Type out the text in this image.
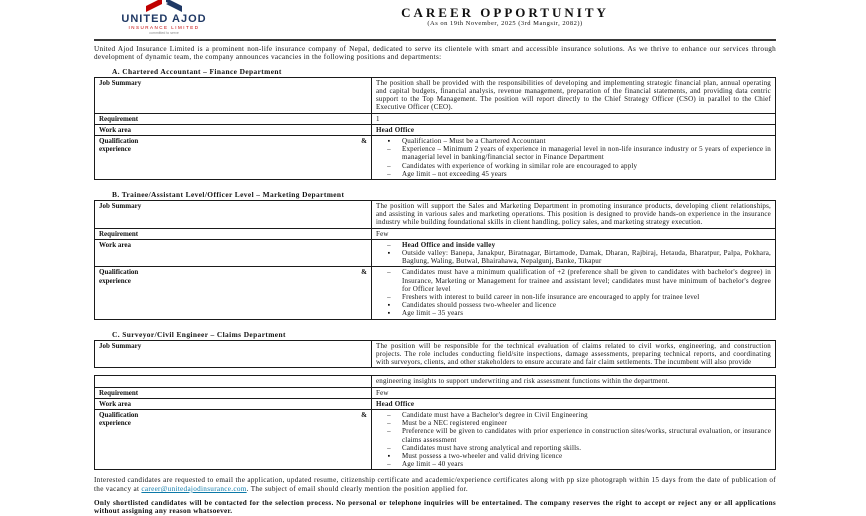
UNITED AJOD
INSURANCE LIMITED
committed to serve
CAREER OPPORTUNITY
(As on 19th November, 2025 (3rd Mangsir, 2082))
United Ajod Insurance Limited is a prominent non-life insurance company of Nepal, dedicated to serve its clientele with smart and accessible insurance solutions. As we thrive to enhance our services through development of dynamic team, the company announces vacancies in the following positions and departments:
A. Chartered Accountant – Finance Department
Job Summary	The position shall be provided with the responsibilities of developing and implementing strategic financial plan, annual operating and capital budgets, financial analysis, revenue management, preparation of the financial statements, and providing data centric support to the Top Management. The position will report directly to the Chief Strategy Officer (CSO) in parallel to the Chief Executive Officer (CEO).
Requirement	1
Work area	Head Office

Qualification	&
experience

▪	Qualification – Must be a Chartered Accountant
–	Experience – Minimum 2 years of experience in managerial level in non-life insurance industry or 5 years of experience in managerial level in banking/financial sector in Finance Department
–	Candidates with experience of working in similar role are encouraged to apply
–	Age limit – not exceeding 45 years
B. Trainee/Assistant Level/Officer Level – Marketing Department
Job Summary	The position will support the Sales and Marketing Department in promoting insurance products, developing client relationships, and assisting in various sales and marketing operations. This position is designed to provide hands-on experience in the insurance industry while building foundational skills in client handling, policy sales, and marketing strategy execution.
Requirement	Few
Work area	– Head Office and inside valley
▪ Outside valley: Banepa, Janakpur, Biratnagar, Birtamode, Damak, Dharan, Rajbiraj, Hetauda, Bharatpur, Palpa, Pokhara, Baglung, Waling, Butwal, Bhairahawa, Nepalgunj, Banke, Tikapur

Qualification	&
experience

–	Candidates must have a minimum qualification of +2 (preference shall be given to candidates with bachelor's degree) in Insurance, Marketing or Management for trainee and assistant level; candidates must have minimum of bachelor's degree for Officer level
–	Freshers with interest to build career in non-life insurance are encouraged to apply for trainee level
▪	Candidates should possess two-wheeler and licence
▪	Age limit – 35 years
C. Surveyor/Civil Engineer – Claims Department
Job Summary	The position will be responsible for the technical evaluation of claims related to civil works, engineering, and construction projects. The role includes conducting field/site inspections, damage assessments, preparing technical reports, and coordinating with surveyors, clients, and other stakeholders to ensure accurate and fair claim settlements. The incumbent will also provide
	engineering insights to support underwriting and risk assessment functions within the department.
Requirement	Few
Work area	Head Office

Qualification	&
experience

–	Candidate must have a Bachelor's degree in Civil Engineering
–	Must be a NEC registered engineer
–	Preference will be given to candidates with prior experience in construction sites/works, structural evaluation, or insurance claims assessment
–	Candidates must have strong analytical and reporting skills.
▪	Must possess a two-wheeler and valid driving licence
–	Age limit – 40 years
Interested candidates are requested to email the application, updated resume, citizenship certificate and academic/experience certificates along with pp size photograph within 15 days from the date of publication of the vacancy at career@unitedajodinsurance.com. The subject of email should clearly mention the position applied for.
Only shortlisted candidates will be contacted for the selection process. No personal or telephone inquiries will be entertained. The company reserves the right to accept or reject any or all applications without assigning any reason whatsoever.
